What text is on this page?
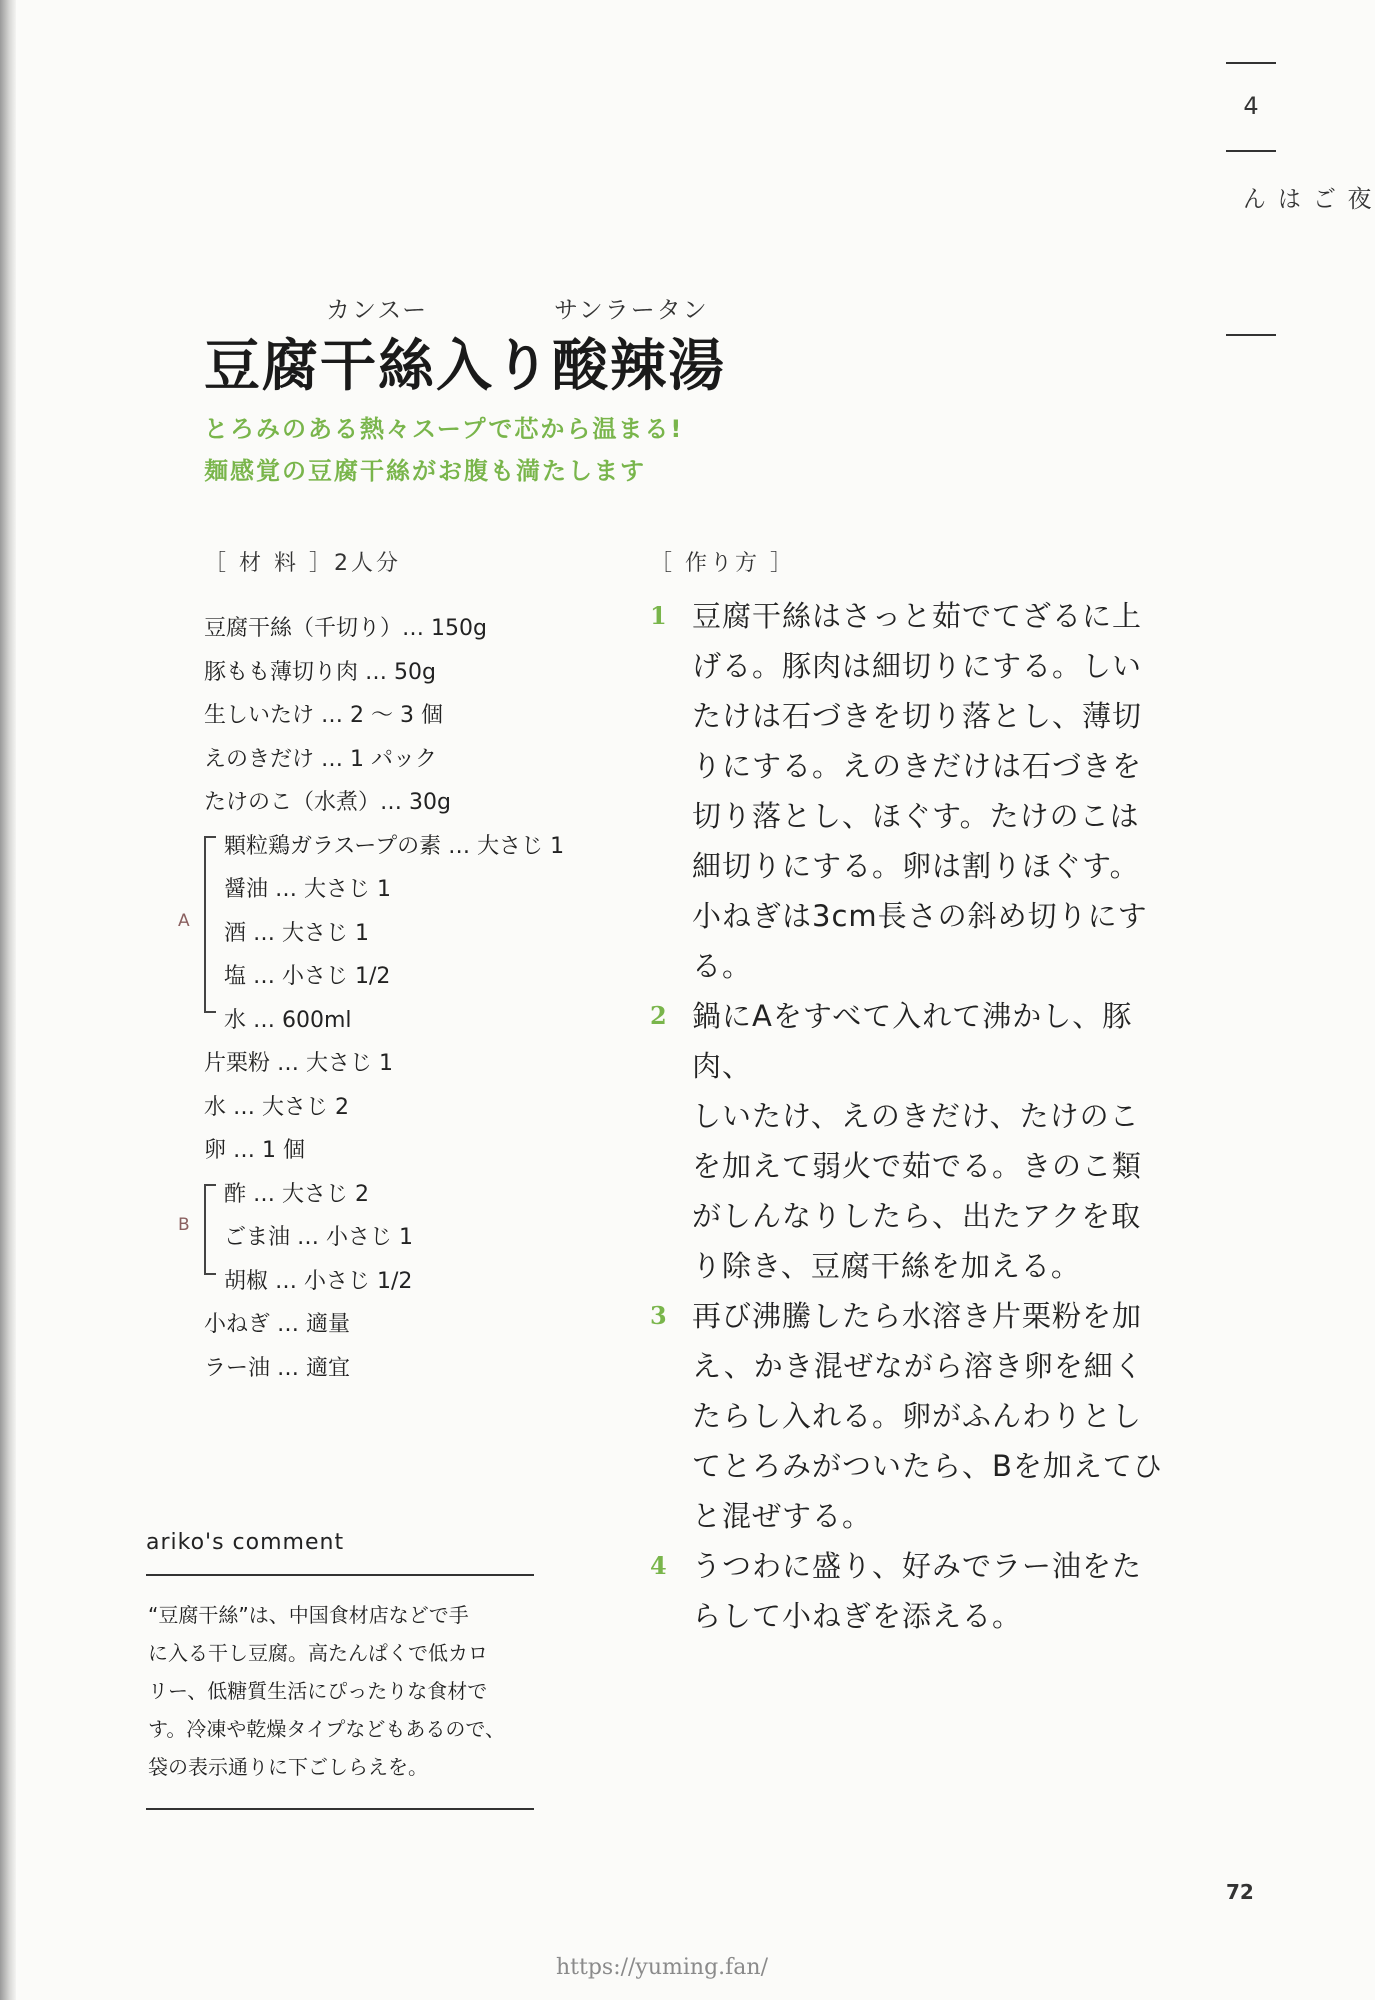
4
夜ごはん
カンスー	サンラータン
豆腐干絲入り酸辣湯
とろみのある熱々スープで芯から温まる!
麺感覚の豆腐干絲がお腹も満たします
［ 材 料 ］2人分
豆腐干絲（千切り）… 150g
豚もも薄切り肉 … 50g
生しいたけ … 2 ～ 3 個
えのきだけ … 1 パック
たけのこ（水煮）… 30g
A
顆粒鶏ガラスープの素 … 大さじ 1
醤油 … 大さじ 1
酒 … 大さじ 1
塩 … 小さじ 1/2
水 … 600ml
片栗粉 … 大さじ 1
水 … 大さじ 2
卵 … 1 個
B
酢 … 大さじ 2
ごま油 … 小さじ 1
胡椒 … 小さじ 1/2
小ねぎ … 適量
ラー油 … 適宜
［ 作り方 ］
1 豆腐干絲はさっと茹でてざるに上
げる。豚肉は細切りにする。しい
たけは石づきを切り落とし、薄切
りにする。えのきだけは石づきを
切り落とし、ほぐす。たけのこは
細切りにする。卵は割りほぐす。
小ねぎは3cm長さの斜め切りにする。
2 鍋にAをすべて入れて沸かし、豚肉、
しいたけ、えのきだけ、たけのこ
を加えて弱火で茹でる。きのこ類
がしんなりしたら、出たアクを取
り除き、豆腐干絲を加える。
3 再び沸騰したら水溶き片栗粉を加
え、かき混ぜながら溶き卵を細く
たらし入れる。卵がふんわりとし
てとろみがついたら、Bを加えてひ
と混ぜする。
4 うつわに盛り、好みでラー油をた
らして小ねぎを添える。
ariko's comment
“豆腐干絲”は、中国食材店などで手
に入る干し豆腐。高たんぱくで低カロ
リー、低糖質生活にぴったりな食材で
す。冷凍や乾燥タイプなどもあるので、
袋の表示通りに下ごしらえを。
72
https://yuming.fan/
